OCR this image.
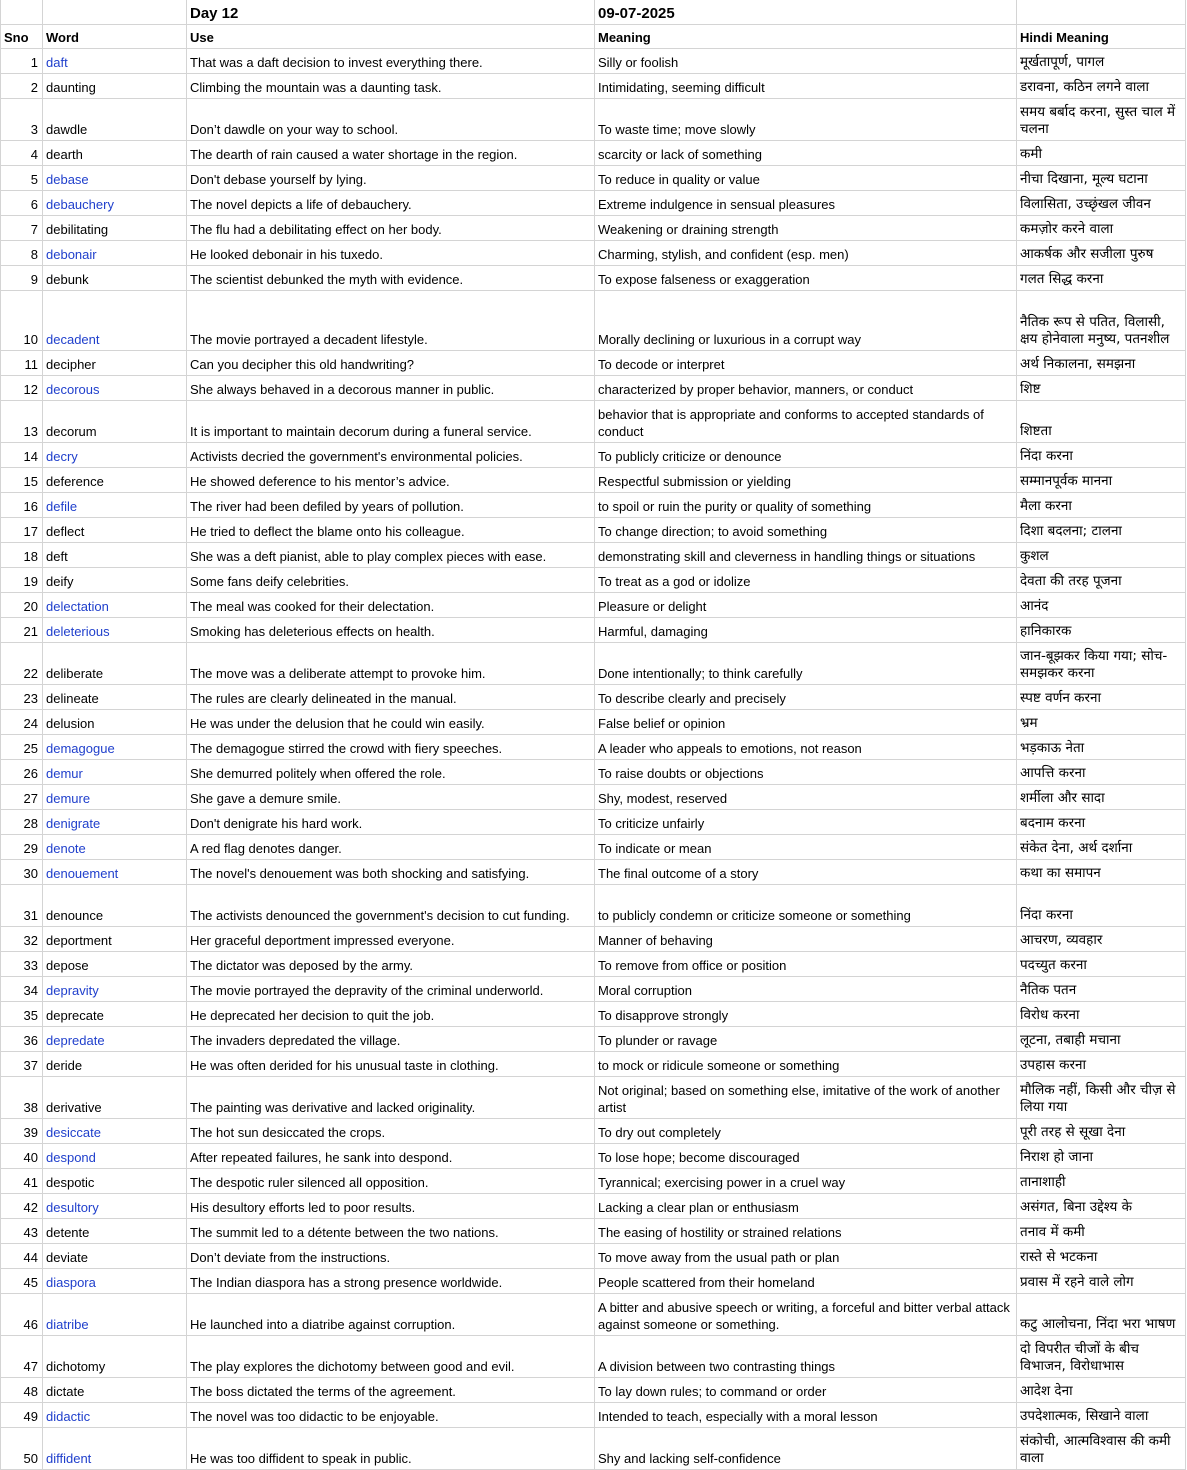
		Day 12	09-07-2025	
Sno	Word	Use	Meaning	Hindi Meaning
1	daft	That was a daft decision to invest everything there.	Silly or foolish	मूर्खतापूर्ण, पागल
2	daunting	Climbing the mountain was a daunting task.	Intimidating, seeming difficult	डरावना, कठिन लगने वाला
3	dawdle	Don’t dawdle on your way to school.	To waste time; move slowly	समय बर्बाद करना, सुस्त चाल में चलना
4	dearth	The dearth of rain caused a water shortage in the region.	scarcity or lack of something	कमी
5	debase	Don't debase yourself by lying.	To reduce in quality or value	नीचा दिखाना, मूल्य घटाना
6	debauchery	The novel depicts a life of debauchery.	Extreme indulgence in sensual pleasures	विलासिता, उच्छृंखल जीवन
7	debilitating	The flu had a debilitating effect on her body.	Weakening or draining strength	कमज़ोर करने वाला
8	debonair	He looked debonair in his tuxedo.	Charming, stylish, and confident (esp. men)	आकर्षक और सजीला पुरुष
9	debunk	The scientist debunked the myth with evidence.	To expose falseness or exaggeration	गलत सिद्ध करना
10	decadent	The movie portrayed a decadent lifestyle.	Morally declining or luxurious in a corrupt way	नैतिक रूप से पतित, विलासी, क्षय होनेवाला मनुष्य, पतनशील
11	decipher	Can you decipher this old handwriting?	To decode or interpret	अर्थ निकालना, समझना
12	decorous	She always behaved in a decorous manner in public.	characterized by proper behavior, manners, or conduct	शिष्ट
13	decorum	It is important to maintain decorum during a funeral service.	behavior that is appropriate and conforms to accepted standards of conduct	शिष्टता
14	decry	Activists decried the government's environmental policies.	To publicly criticize or denounce	निंदा करना
15	deference	He showed deference to his mentor’s advice.	Respectful submission or yielding	सम्मानपूर्वक मानना
16	defile	The river had been defiled by years of pollution.	to spoil or ruin the purity or quality of something	मैला करना
17	deflect	He tried to deflect the blame onto his colleague.	To change direction; to avoid something	दिशा बदलना; टालना
18	deft	She was a deft pianist, able to play complex pieces with ease.	demonstrating skill and cleverness in handling things or situations	कुशल
19	deify	Some fans deify celebrities.	To treat as a god or idolize	देवता की तरह पूजना
20	delectation	The meal was cooked for their delectation.	Pleasure or delight	आनंद
21	deleterious	Smoking has deleterious effects on health.	Harmful, damaging	हानिकारक
22	deliberate	The move was a deliberate attempt to provoke him.	Done intentionally; to think carefully	जान-बूझकर किया गया; सोच-समझकर करना
23	delineate	The rules are clearly delineated in the manual.	To describe clearly and precisely	स्पष्ट वर्णन करना
24	delusion	He was under the delusion that he could win easily.	False belief or opinion	भ्रम
25	demagogue	The demagogue stirred the crowd with fiery speeches.	A leader who appeals to emotions, not reason	भड़काऊ नेता
26	demur	She demurred politely when offered the role.	To raise doubts or objections	आपत्ति करना
27	demure	She gave a demure smile.	Shy, modest, reserved	शर्मीला और सादा
28	denigrate	Don't denigrate his hard work.	To criticize unfairly	बदनाम करना
29	denote	A red flag denotes danger.	To indicate or mean	संकेत देना, अर्थ दर्शाना
30	denouement	The novel's denouement was both shocking and satisfying.	The final outcome of a story	कथा का समापन
31	denounce	The activists denounced the government's decision to cut funding.	to publicly condemn or criticize someone or something	निंदा करना
32	deportment	Her graceful deportment impressed everyone.	Manner of behaving	आचरण, व्यवहार
33	depose	The dictator was deposed by the army.	To remove from office or position	पदच्युत करना
34	depravity	The movie portrayed the depravity of the criminal underworld.	Moral corruption	नैतिक पतन
35	deprecate	He deprecated her decision to quit the job.	To disapprove strongly	विरोध करना
36	depredate	The invaders depredated the village.	To plunder or ravage	लूटना, तबाही मचाना
37	deride	He was often derided for his unusual taste in clothing.	to mock or ridicule someone or something	उपहास करना
38	derivative	The painting was derivative and lacked originality.	Not original; based on something else, imitative of the work of another artist	मौलिक नहीं, किसी और चीज़ से लिया गया
39	desiccate	The hot sun desiccated the crops.	To dry out completely	पूरी तरह से सूखा देना
40	despond	After repeated failures, he sank into despond.	To lose hope; become discouraged	निराश हो जाना
41	despotic	The despotic ruler silenced all opposition.	Tyrannical; exercising power in a cruel way	तानाशाही
42	desultory	His desultory efforts led to poor results.	Lacking a clear plan or enthusiasm	असंगत, बिना उद्देश्य के
43	detente	The summit led to a détente between the two nations.	The easing of hostility or strained relations	तनाव में कमी
44	deviate	Don’t deviate from the instructions.	To move away from the usual path or plan	रास्ते से भटकना
45	diaspora	The Indian diaspora has a strong presence worldwide.	People scattered from their homeland	प्रवास में रहने वाले लोग
46	diatribe	He launched into a diatribe against corruption.	A bitter and abusive speech or writing, a forceful and bitter verbal attack against someone or something.	कटु आलोचना, निंदा भरा भाषण
47	dichotomy	The play explores the dichotomy between good and evil.	A division between two contrasting things	दो विपरीत चीजों के बीच विभाजन, विरोधाभास
48	dictate	The boss dictated the terms of the agreement.	To lay down rules; to command or order	आदेश देना
49	didactic	The novel was too didactic to be enjoyable.	Intended to teach, especially with a moral lesson	उपदेशात्मक, सिखाने वाला
50	diffident	He was too diffident to speak in public.	Shy and lacking self-confidence	संकोची, आत्मविश्वास की कमी वाला
